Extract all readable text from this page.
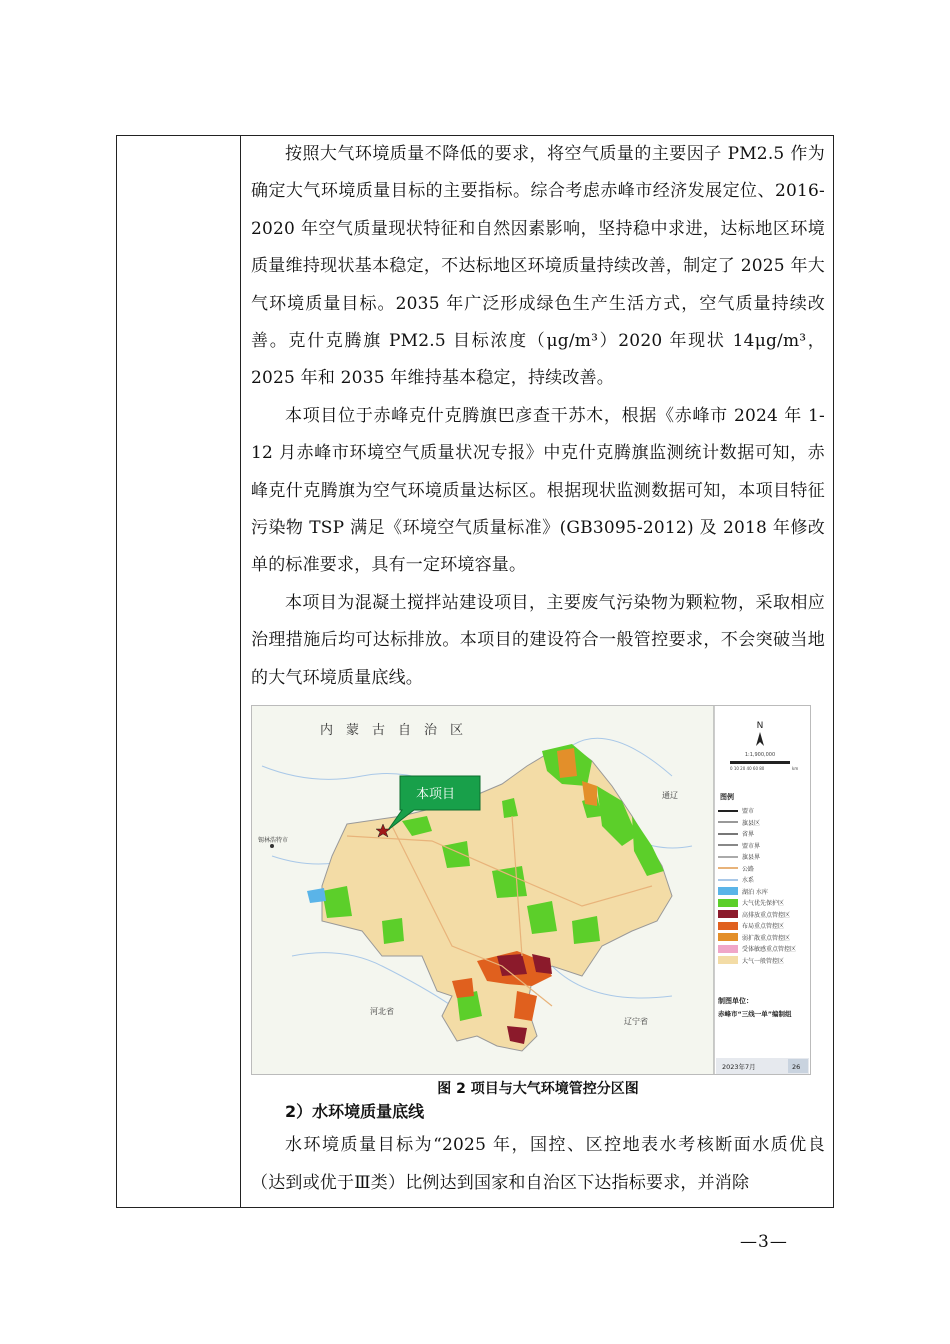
按照大气环境质量不降低的要求，将空气质量的主要因子 PM2.5 作为确定大气环境质量目标的主要指标。综合考虑赤峰市经济发展定位、2016-2020 年空气质量现状特征和自然因素影响，坚持稳中求进，达标地区环境质量维持现状基本稳定，不达标地区环境质量持续改善，制定了 2025 年大气环境质量目标。2035 年广泛形成绿色生产生活方式，空气质量持续改善。克什克腾旗 PM2.5 目标浓度（μg/m³）2020 年现状 14μg/m³，2025 年和 2035 年维持基本稳定，持续改善。

本项目位于赤峰克什克腾旗巴彦查干苏木，根据《赤峰市 2024 年 1-12 月赤峰市环境空气质量状况专报》中克什克腾旗监测统计数据可知，赤峰克什克腾旗为空气环境质量达标区。根据现状监测数据可知，本项目特征污染物 TSP 满足《环境空气质量标准》(GB3095-2012) 及 2018 年修改单的标准要求，具有一定环境容量。

本项目为混凝土搅拌站建设项目，主要废气污染物为颗粒物，采取相应治理措施后均可达标排放。本项目的建设符合一般管控要求，不会突破当地的大气环境质量底线。

内　蒙　古　自　治　区
通辽
河北省
辽宁省
锡林浩特市
本项目
N
1:1,900,000
0 10 20 40 60 80	km
图例
制图单位：
赤峰市“三线一单”编制组
2023年7月	26
盟市
旗县区
省界
盟市界
旗县界
公路
水系
湖泊 水库
大气优先保护区
高排放重点管控区
布局重点管控区
弱扩散重点管控区
受体敏感重点管控区
大气一般管控区
图 2 项目与大气环境管控分区图
2）水环境质量底线

水环境质量目标为“2025 年，国控、区控地表水考核断面水质优良（达到或优于Ⅲ类）比例达到国家和自治区下达指标要求，并消除

—3—
